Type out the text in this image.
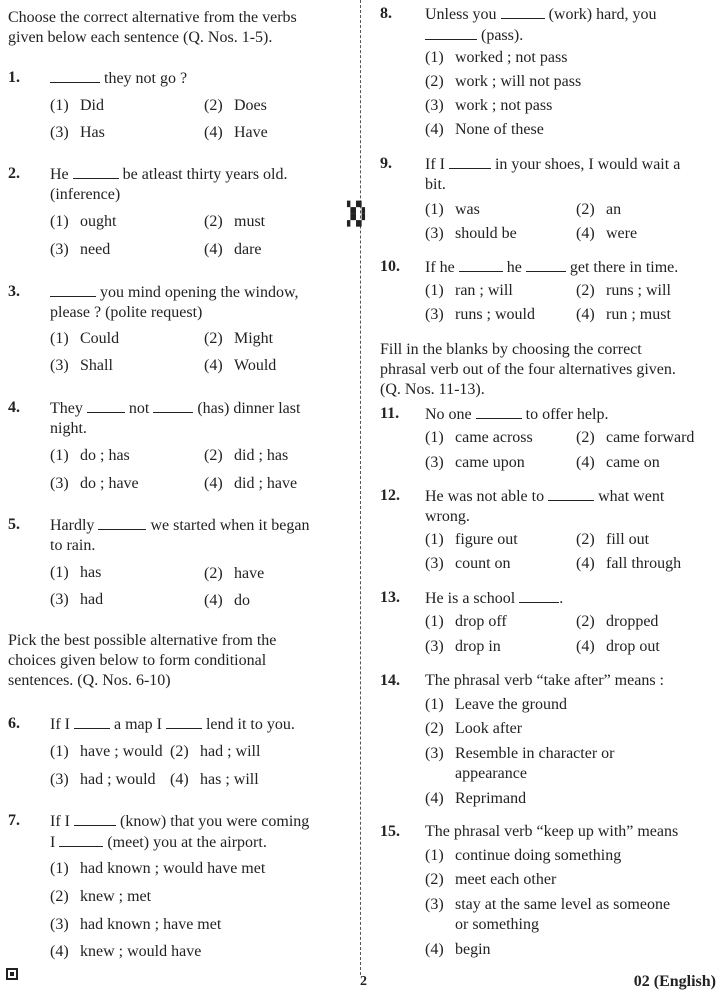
Choose the correct alternative from the verbs
given below each sentence (Q. Nos. 1-5).
1.	they not go ?
(1) Did	(2) Does
(3) Has	(4) Have
2. He	be atleast thirty years old.
(inference)
(1) ought	(2) must
(3) need	(4) dare
3.	you mind opening the window,
please ? (polite request)
(1) Could	(2) Might
(3) Shall	(4) Would
4. They  not	(has) dinner last
night.
(1) do ; has	(2) did ; has
(3) do ; have	(4) did ; have
5. Hardly	we started when it began
to rain.
(1) has	(2) have
(3) had	(4) do
Pick the best possible alternative from the
choices given below to form conditional
sentences. (Q. Nos. 6-10)
6. If I  a map I  lend it to you.
(1) have ; would (2) had ; will
(3) had ; would (4) has ; will
7. If I	(know) that you were coming
I	(meet) you at the airport.
(1) had known ; would have met
(2) knew ; met
(3) had known ; have met
(4) knew ; would have
▚▞▚
▞▚▞
8. Unless you	(work) hard, you
(pass).
(1) worked ; not pass
(2) work ; will not pass
(3) work ; not pass
(4) None of these
9. If I	in your shoes, I would wait a
bit.
(1) was	(2) an
(3) should be	(4) were
10. If he	he	get there in time.
(1) ran ; will	(2) runs ; will
(3) runs ; would	(4) run ; must
Fill in the blanks by choosing the correct
phrasal verb out of the four alternatives given.
(Q. Nos. 11-13).
11. No one	to offer help.
(1) came across	(2) came forward
(3) came upon	(4) came on
12. He was not able to	what went
wrong.
(1) figure out	(2) fill out
(3) count on	(4) fall through
13. He is a school	.
(1) drop off	(2) dropped
(3) drop in	(4) drop out
14. The phrasal verb “take after” means :
(1) Leave the ground
(2) Look after
(3) Resemble in character or
appearance
(4) Reprimand
15. The phrasal verb “keep up with” means
(1) continue doing something
(2) meet each other
(3) stay at the same level as someone
or something
(4) begin
2	02 (English)
